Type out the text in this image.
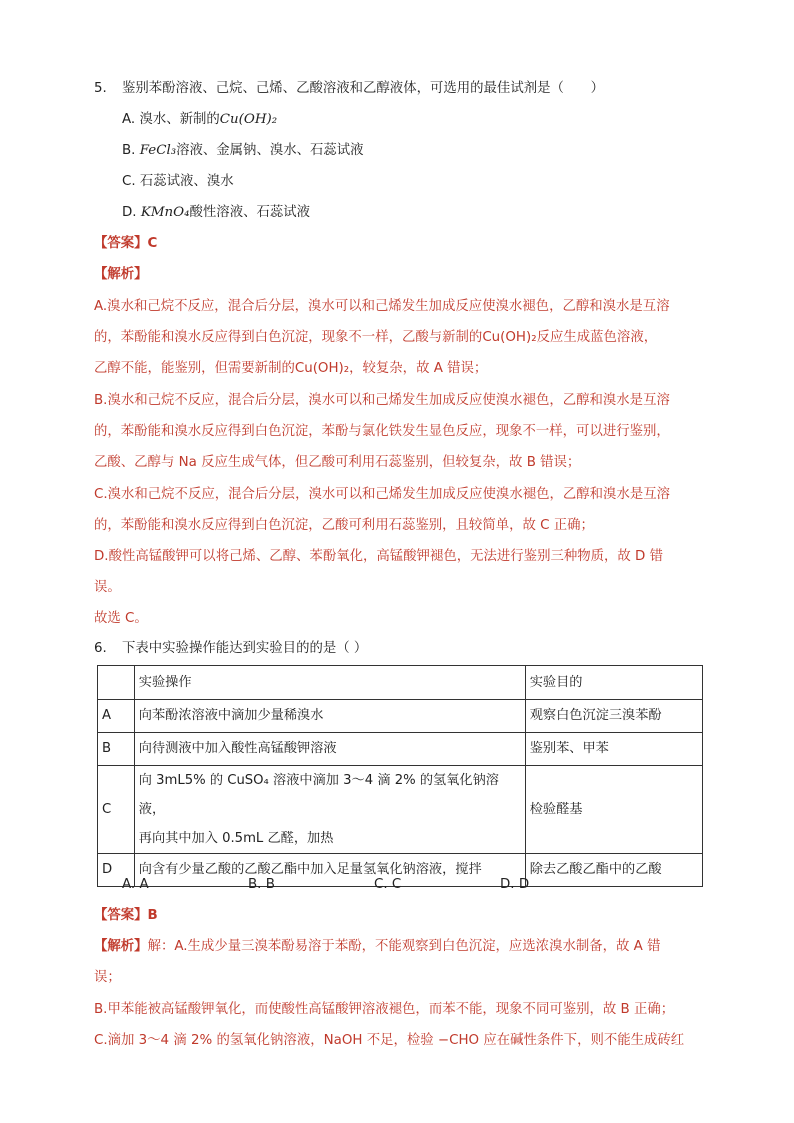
5. 鉴别苯酚溶液、己烷、己烯、乙酸溶液和乙醇液体，可选用的最佳试剂是（　　）
A. 溴水、新制的Cu(OH)₂
B. FeCl₃溶液、金属钠、溴水、石蕊试液
C. 石蕊试液、溴水
D. KMnO₄酸性溶液、石蕊试液
【答案】C
【解析】
A.溴水和己烷不反应，混合后分层，溴水可以和己烯发生加成反应使溴水褪色，乙醇和溴水是互溶
的，苯酚能和溴水反应得到白色沉淀，现象不一样，乙酸与新制的Cu(OH)₂反应生成蓝色溶液，
乙醇不能，能鉴别，但需要新制的Cu(OH)₂，较复杂，故 A 错误；
B.溴水和己烷不反应，混合后分层，溴水可以和己烯发生加成反应使溴水褪色，乙醇和溴水是互溶
的，苯酚能和溴水反应得到白色沉淀，苯酚与氯化铁发生显色反应，现象不一样，可以进行鉴别，
乙酸、乙醇与 Na 反应生成气体，但乙酸可利用石蕊鉴别，但较复杂，故 B 错误；
C.溴水和己烷不反应，混合后分层，溴水可以和己烯发生加成反应使溴水褪色，乙醇和溴水是互溶
的，苯酚能和溴水反应得到白色沉淀，乙酸可利用石蕊鉴别，且较简单，故 C 正确；
D.酸性高锰酸钾可以将己烯、乙醇、苯酚氧化，高锰酸钾褪色，无法进行鉴别三种物质，故 D 错
误。
故选 C。
6. 下表中实验操作能达到实验目的的是（ ）
	实验操作	实验目的
A	向苯酚浓溶液中滴加少量稀溴水	观察白色沉淀三溴苯酚
B	向待测液中加入酸性高锰酸钾溶液	鉴别苯、甲苯
C	向 3mL5% 的 CuSO₄ 溶液中滴加 3～4 滴 2% 的氢氧化钠溶液，
再向其中加入 0.5mL 乙醛，加热	检验醛基
D	向含有少量乙酸的乙酸乙酯中加入足量氢氧化钠溶液，搅拌	除去乙酸乙酯中的乙酸
A. A	B. B	C. C	D. D
【答案】B
【解析】解：A.生成少量三溴苯酚易溶于苯酚，不能观察到白色沉淀，应选浓溴水制备，故 A 错
误；
B.甲苯能被高锰酸钾氧化，而使酸性高锰酸钾溶液褪色，而苯不能，现象不同可鉴别，故 B 正确；
C.滴加 3～4 滴 2% 的氢氧化钠溶液，NaOH 不足，检验 −CHO 应在碱性条件下，则不能生成砖红
